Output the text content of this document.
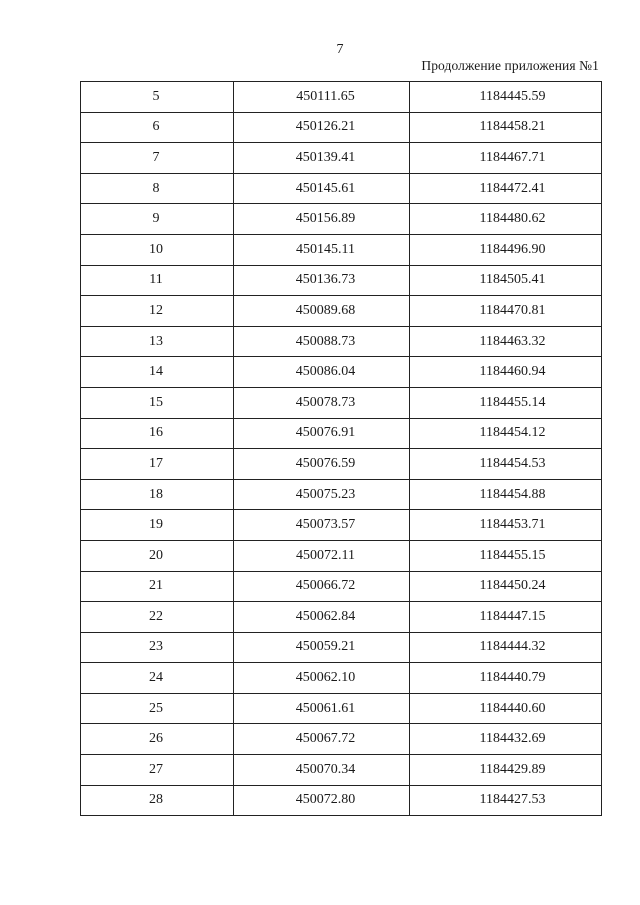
7
Продолжение приложения №1
5	450111.65	1184445.59
6	450126.21	1184458.21
7	450139.41	1184467.71
8	450145.61	1184472.41
9	450156.89	1184480.62
10	450145.11	1184496.90
11	450136.73	1184505.41
12	450089.68	1184470.81
13	450088.73	1184463.32
14	450086.04	1184460.94
15	450078.73	1184455.14
16	450076.91	1184454.12
17	450076.59	1184454.53
18	450075.23	1184454.88
19	450073.57	1184453.71
20	450072.11	1184455.15
21	450066.72	1184450.24
22	450062.84	1184447.15
23	450059.21	1184444.32
24	450062.10	1184440.79
25	450061.61	1184440.60
26	450067.72	1184432.69
27	450070.34	1184429.89
28	450072.80	1184427.53
